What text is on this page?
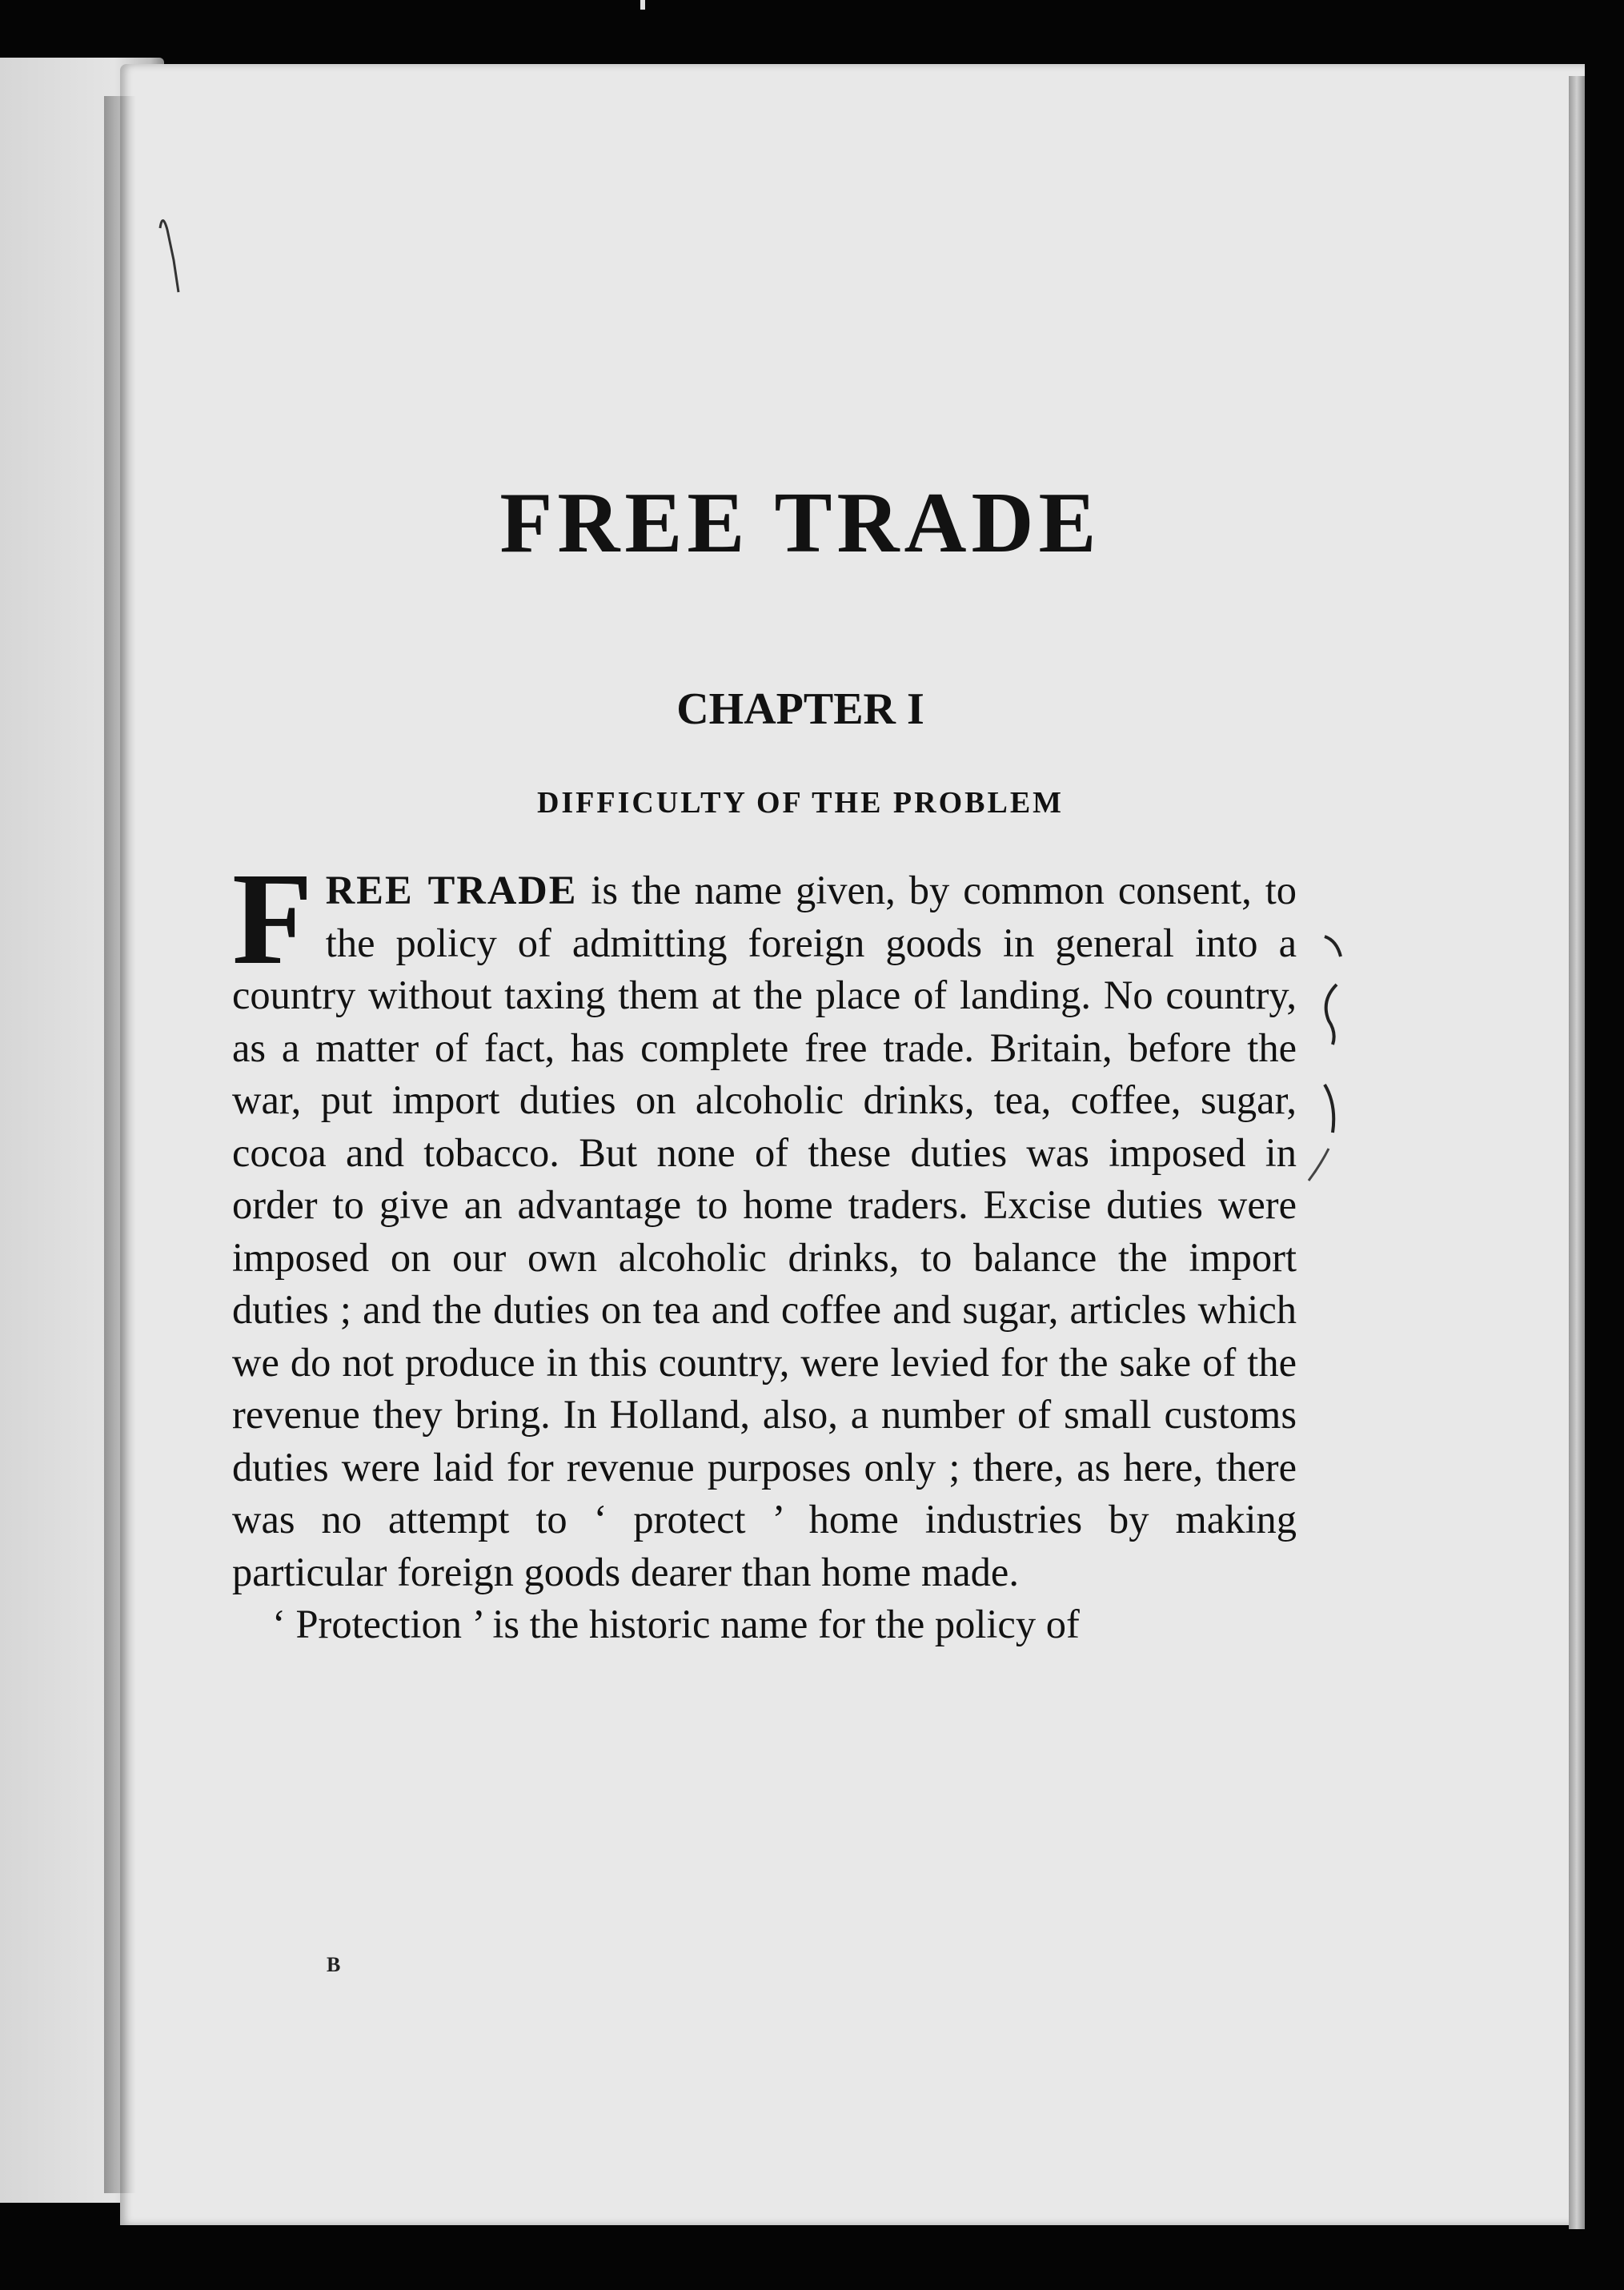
FREE TRADE
CHAPTER I
DIFFICULTY OF THE PROBLEM

FREE TRADE is the name given, by common consent, to the policy of admitting foreign goods in general into a country without taxing them at the place of landing. No country, as a matter of fact, has complete free trade. Britain, before the war, put import duties on alcoholic drinks, tea, coffee, sugar, cocoa and tobacco. But none of these duties was imposed in order to give an advantage to home traders. Excise duties were imposed on our own alcoholic drinks, to balance the import duties ; and the duties on tea and coffee and sugar, articles which we do not produce in this country, were levied for the sake of the revenue they bring. In Holland, also, a number of small customs duties were laid for revenue purposes only ; there, as here, there was no attempt to ‘ protect ’ home industries by making particular foreign goods dearer than home made.

‘ Protection ’ is the historic name for the policy of

B
